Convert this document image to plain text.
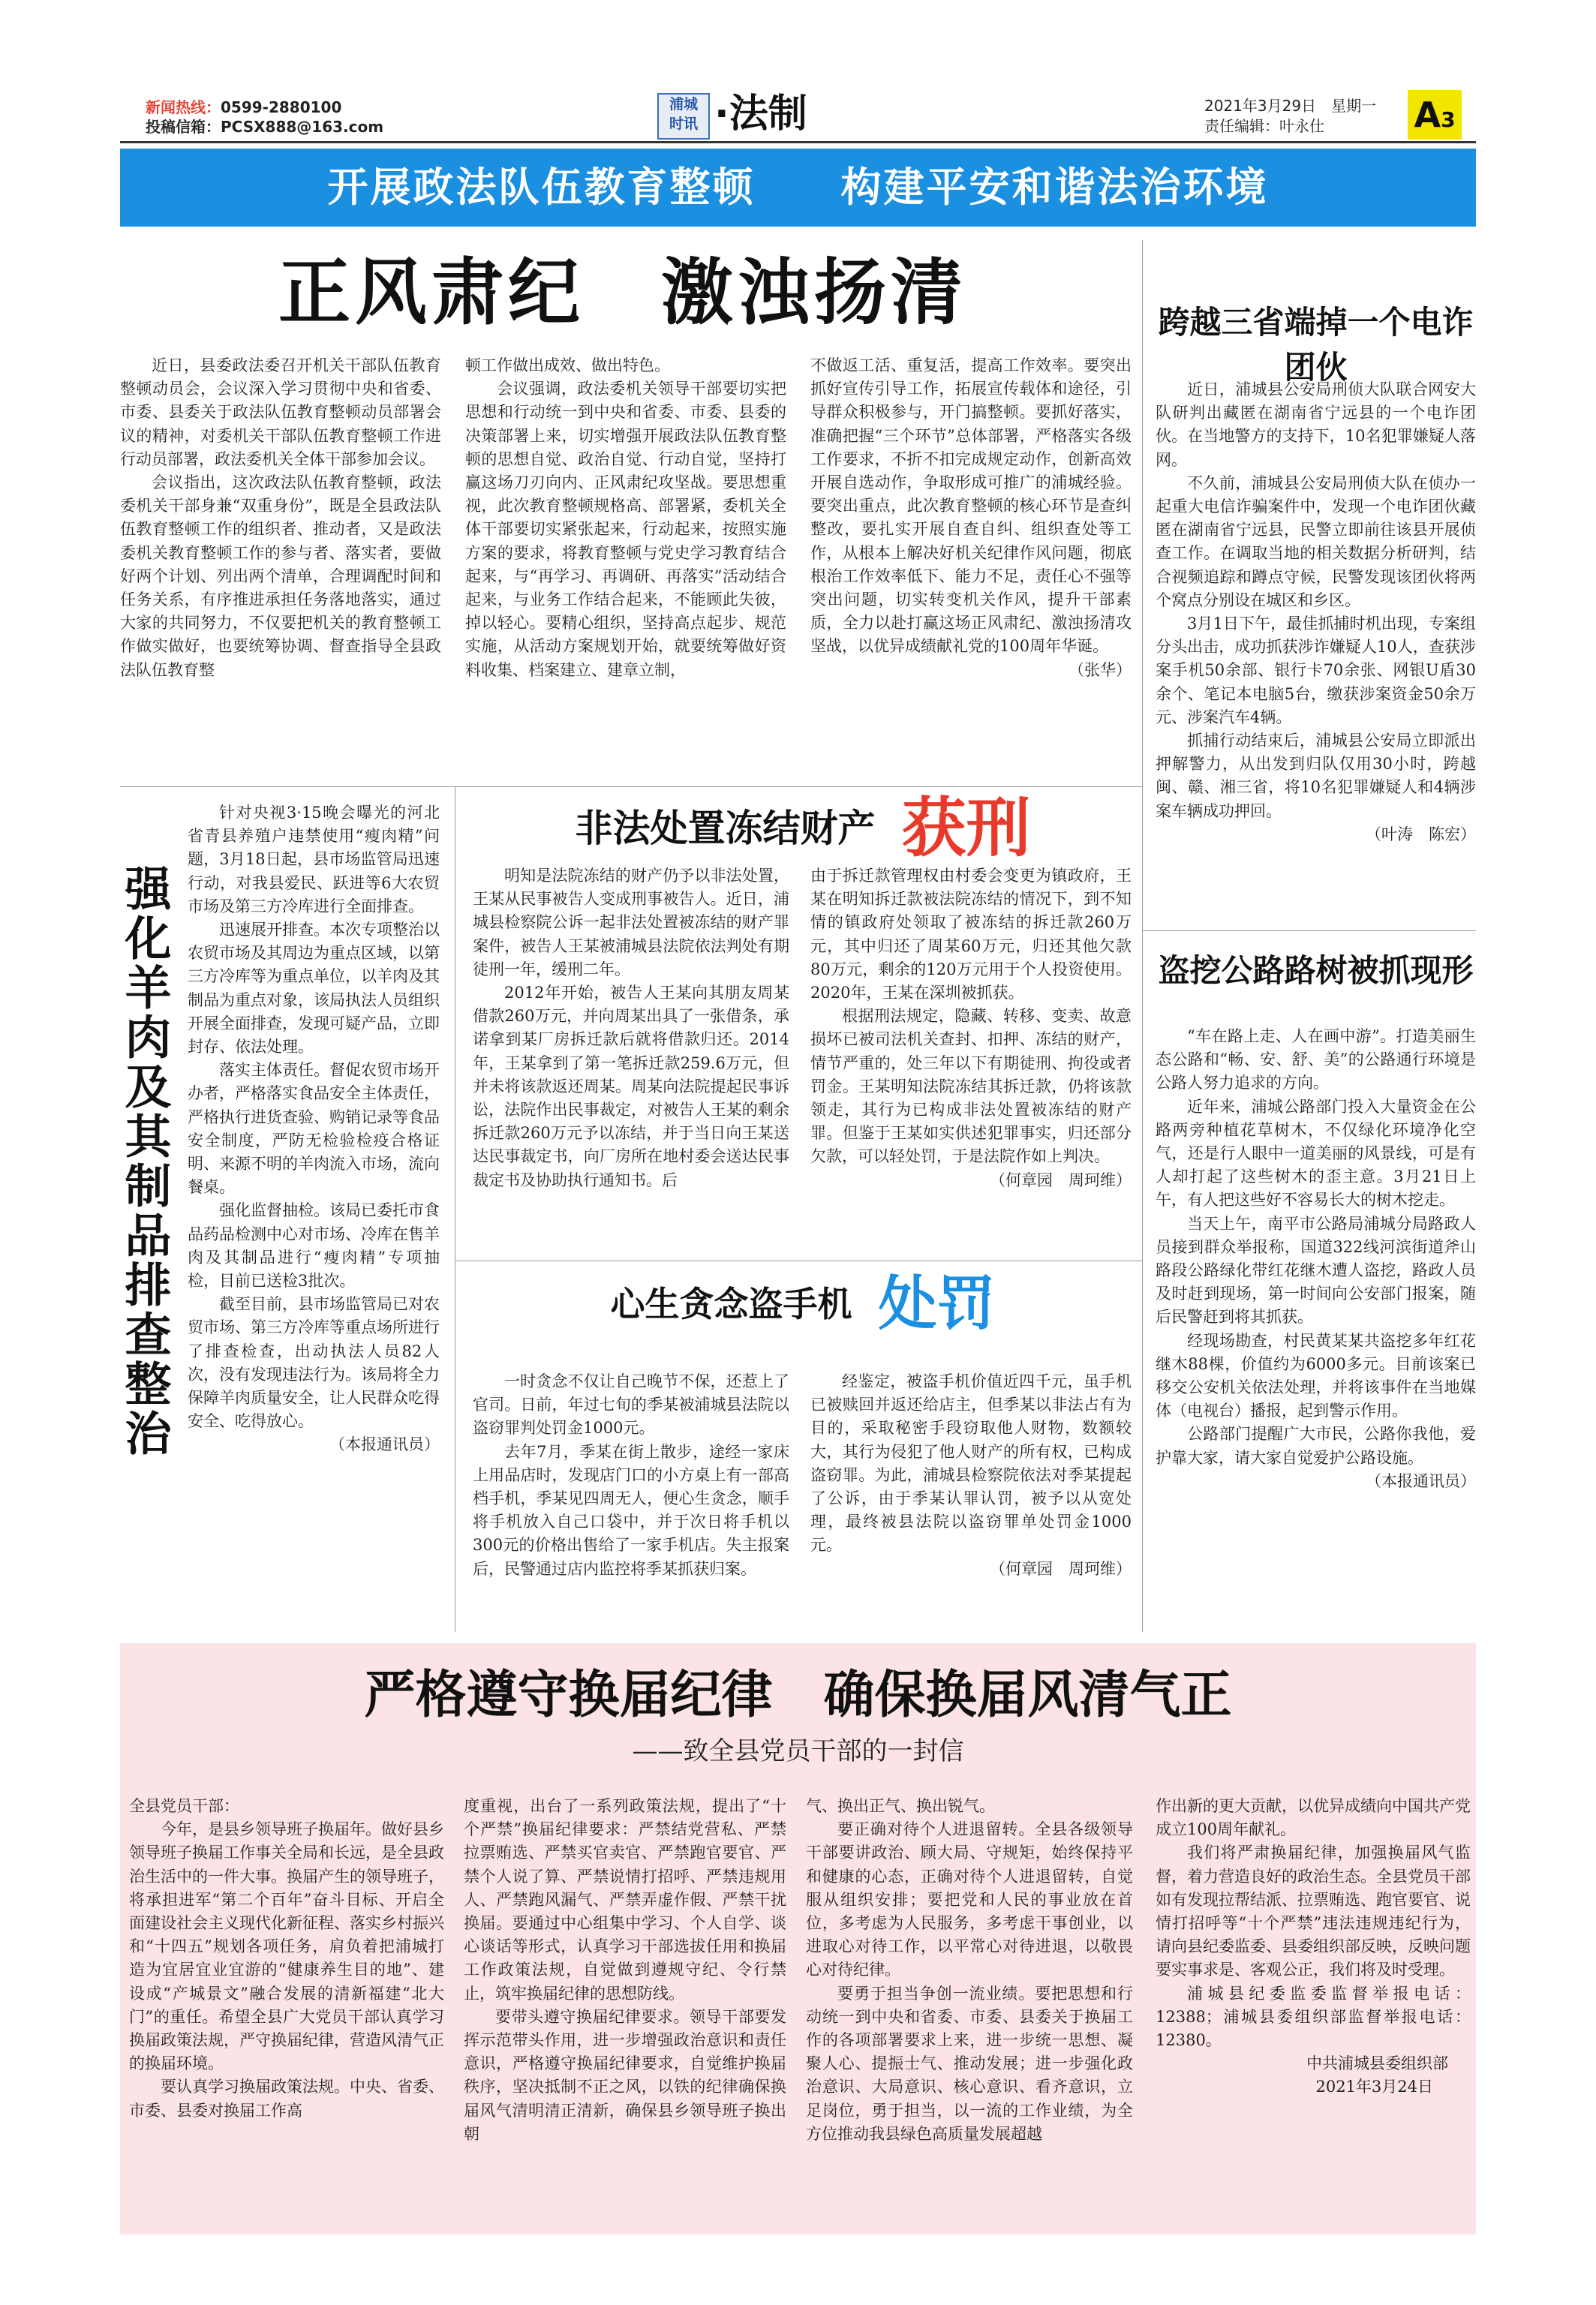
新闻热线：0599-2880100
投稿信箱：PCSX888@163.com
浦城
时讯 ·法制	2021年3月29日　星期一
责任编辑：叶永仕	A3
开展政法队伍教育整顿　　构建平安和谐法治环境
正风肃纪　激浊扬清

近日，县委政法委召开机关干部队伍教育整顿动员会，会议深入学习贯彻中央和省委、市委、县委关于政法队伍教育整顿动员部署会议的精神，对委机关干部队伍教育整顿工作进行动员部署，政法委机关全体干部参加会议。

会议指出，这次政法队伍教育整顿，政法委机关干部身兼“双重身份”，既是全县政法队伍教育整顿工作的组织者、推动者，又是政法委机关教育整顿工作的参与者、落实者，要做好两个计划、列出两个清单，合理调配时间和任务关系，有序推进承担任务落地落实，通过大家的共同努力，不仅要把机关的教育整顿工作做实做好，也要统筹协调、督查指导全县政法队伍教育整

顿工作做出成效、做出特色。

会议强调，政法委机关领导干部要切实把思想和行动统一到中央和省委、市委、县委的决策部署上来，切实增强开展政法队伍教育整顿的思想自觉、政治自觉、行动自觉，坚持打赢这场刀刃向内、正风肃纪攻坚战。要思想重视，此次教育整顿规格高、部署紧，委机关全体干部要切实紧张起来，行动起来，按照实施方案的要求，将教育整顿与党史学习教育结合起来，与“再学习、再调研、再落实”活动结合起来，与业务工作结合起来，不能顾此失彼，掉以轻心。要精心组织，坚持高点起步、规范实施，从活动方案规划开始，就要统筹做好资料收集、档案建立、建章立制，

不做返工活、重复活，提高工作效率。要突出抓好宣传引导工作，拓展宣传载体和途径，引导群众积极参与，开门搞整顿。要抓好落实，准确把握“三个环节”总体部署，严格落实各级工作要求，不折不扣完成规定动作，创新高效开展自选动作，争取形成可推广的浦城经验。要突出重点，此次教育整顿的核心环节是查纠整改，要扎实开展自查自纠、组织查处等工作，从根本上解决好机关纪律作风问题，彻底根治工作效率低下、能力不足，责任心不强等突出问题，切实转变机关作风，提升干部素质，全力以赴打赢这场正风肃纪、激浊扬清攻坚战，以优异成绩献礼党的100周年华诞。

（张华）

跨越三省端掉一个电诈团伙

近日，浦城县公安局刑侦大队联合网安大队研判出藏匿在湖南省宁远县的一个电诈团伙。在当地警方的支持下，10名犯罪嫌疑人落网。

不久前，浦城县公安局刑侦大队在侦办一起重大电信诈骗案件中，发现一个电诈团伙藏匿在湖南省宁远县，民警立即前往该县开展侦查工作。在调取当地的相关数据分析研判，结合视频追踪和蹲点守候，民警发现该团伙将两个窝点分别设在城区和乡区。

3月1日下午，最佳抓捕时机出现，专案组分头出击，成功抓获涉诈嫌疑人10人，查获涉案手机50余部、银行卡70余张、网银U盾30余个、笔记本电脑5台，缴获涉案资金50余万元、涉案汽车4辆。

抓捕行动结束后，浦城县公安局立即派出押解警力，从出发到归队仅用30小时，跨越闽、赣、湘三省，将10名犯罪嫌疑人和4辆涉案车辆成功押回。

（叶涛　陈宏）

强化羊肉及其制品排查整治

针对央视3·15晚会曝光的河北省青县养殖户违禁使用“瘦肉精”问题，3月18日起，县市场监管局迅速行动，对我县爱民、跃进等6大农贸市场及第三方冷库进行全面排查。

迅速展开排查。本次专项整治以农贸市场及其周边为重点区域，以第三方冷库等为重点单位，以羊肉及其制品为重点对象，该局执法人员组织开展全面排查，发现可疑产品，立即封存、依法处理。

落实主体责任。督促农贸市场开办者，严格落实食品安全主体责任，严格执行进货查验、购销记录等食品安全制度，严防无检验检疫合格证明、来源不明的羊肉流入市场，流向餐桌。

强化监督抽检。该局已委托市食品药品检测中心对市场、冷库在售羊肉及其制品进行“瘦肉精”专项抽检，目前已送检3批次。

截至目前，县市场监管局已对农贸市场、第三方冷库等重点场所进行了排查检查，出动执法人员82人次，没有发现违法行为。该局将全力保障羊肉质量安全，让人民群众吃得安全、吃得放心。

（本报通讯员）

非法处置冻结财产 获刑

明知是法院冻结的财产仍予以非法处置，王某从民事被告人变成刑事被告人。近日，浦城县检察院公诉一起非法处置被冻结的财产罪案件，被告人王某被浦城县法院依法判处有期徒刑一年，缓刑二年。

2012年开始，被告人王某向其朋友周某借款260万元，并向周某出具了一张借条，承诺拿到某厂房拆迁款后就将借款归还。2014年，王某拿到了第一笔拆迁款259.6万元，但并未将该款返还周某。周某向法院提起民事诉讼，法院作出民事裁定，对被告人王某的剩余拆迁款260万元予以冻结，并于当日向王某送达民事裁定书，向厂房所在地村委会送达民事裁定书及协助执行通知书。后

由于拆迁款管理权由村委会变更为镇政府，王某在明知拆迁款被法院冻结的情况下，到不知情的镇政府处领取了被冻结的拆迁款260万元，其中归还了周某60万元，归还其他欠款80万元，剩余的120万元用于个人投资使用。2020年，王某在深圳被抓获。

根据刑法规定，隐藏、转移、变卖、故意损坏已被司法机关查封、扣押、冻结的财产，情节严重的，处三年以下有期徒刑、拘役或者罚金。王某明知法院冻结其拆迁款，仍将该款领走，其行为已构成非法处置被冻结的财产罪。但鉴于王某如实供述犯罪事实，归还部分欠款，可以轻处罚，于是法院作如上判决。

（何章园　周珂维）

心生贪念盗手机 处罚

一时贪念不仅让自己晚节不保，还惹上了官司。日前，年过七旬的季某被浦城县法院以盗窃罪判处罚金1000元。

去年7月，季某在街上散步，途经一家床上用品店时，发现店门口的小方桌上有一部高档手机，季某见四周无人，便心生贪念，顺手将手机放入自己口袋中，并于次日将手机以300元的价格出售给了一家手机店。失主报案后，民警通过店内监控将季某抓获归案。

经鉴定，被盗手机价值近四千元，虽手机已被赎回并返还给店主，但季某以非法占有为目的，采取秘密手段窃取他人财物，数额较大，其行为侵犯了他人财产的所有权，已构成盗窃罪。为此，浦城县检察院依法对季某提起了公诉，由于季某认罪认罚，被予以从宽处理，最终被县法院以盗窃罪单处罚金1000元。

（何章园　周珂维）

盗挖公路路树被抓现形

“车在路上走、人在画中游”。打造美丽生态公路和“畅、安、舒、美”的公路通行环境是公路人努力追求的方向。

近年来，浦城公路部门投入大量资金在公路两旁种植花草树木，不仅绿化环境净化空气，还是行人眼中一道美丽的风景线，可是有人却打起了这些树木的歪主意。3月21日上午，有人把这些好不容易长大的树木挖走。

当天上午，南平市公路局浦城分局路政人员接到群众举报称，国道322线河滨街道斧山路段公路绿化带红花继木遭人盗挖，路政人员及时赶到现场，第一时间向公安部门报案，随后民警赶到将其抓获。

经现场勘查，村民黄某某共盗挖多年红花继木88棵，价值约为6000多元。目前该案已移交公安机关依法处理，并将该事件在当地媒体（电视台）播报，起到警示作用。

公路部门提醒广大市民，公路你我他，爱护靠大家，请大家自觉爱护公路设施。

（本报通讯员）

严格遵守换届纪律　确保换届风清气正
——致全县党员干部的一封信

全县党员干部：

今年，是县乡领导班子换届年。做好县乡领导班子换届工作事关全局和长远，是全县政治生活中的一件大事。换届产生的领导班子，将承担进军“第二个百年”奋斗目标、开启全面建设社会主义现代化新征程、落实乡村振兴和“十四五”规划各项任务，肩负着把浦城打造为宜居宜业宜游的“健康养生目的地”、建设成“产城景文”融合发展的清新福建“北大门”的重任。希望全县广大党员干部认真学习换届政策法规，严守换届纪律，营造风清气正的换届环境。

要认真学习换届政策法规。中央、省委、市委、县委对换届工作高

度重视，出台了一系列政策法规，提出了“十个严禁”换届纪律要求：严禁结党营私、严禁拉票贿选、严禁买官卖官、严禁跑官要官、严禁个人说了算、严禁说情打招呼、严禁违规用人、严禁跑风漏气、严禁弄虚作假、严禁干扰换届。要通过中心组集中学习、个人自学、谈心谈话等形式，认真学习干部选拔任用和换届工作政策法规，自觉做到遵规守纪、令行禁止，筑牢换届纪律的思想防线。

要带头遵守换届纪律要求。领导干部要发挥示范带头作用，进一步增强政治意识和责任意识，严格遵守换届纪律要求，自觉维护换届秩序，坚决抵制不正之风，以铁的纪律确保换届风气清明清正清新，确保县乡领导班子换出朝

气、换出正气、换出锐气。

要正确对待个人进退留转。全县各级领导干部要讲政治、顾大局、守规矩，始终保持平和健康的心态，正确对待个人进退留转，自觉服从组织安排；要把党和人民的事业放在首位，多考虑为人民服务，多考虑干事创业，以进取心对待工作，以平常心对待进退，以敬畏心对待纪律。

要勇于担当争创一流业绩。要把思想和行动统一到中央和省委、市委、县委关于换届工作的各项部署要求上来，进一步统一思想、凝聚人心、提振士气、推动发展；进一步强化政治意识、大局意识、核心意识、看齐意识，立足岗位，勇于担当，以一流的工作业绩，为全方位推动我县绿色高质量发展超越

作出新的更大贡献，以优异成绩向中国共产党成立100周年献礼。

我们将严肃换届纪律，加强换届风气监督，着力营造良好的政治生态。全县党员干部如有发现拉帮结派、拉票贿选、跑官要官、说情打招呼等“十个严禁”违法违规违纪行为，请向县纪委监委、县委组织部反映，反映问题要实事求是、客观公正，我们将及时受理。

浦城县纪委监委监督举报电话：12388；浦城县委组织部监督举报电话：12380。

中共浦城县委组织部

2021年3月24日
